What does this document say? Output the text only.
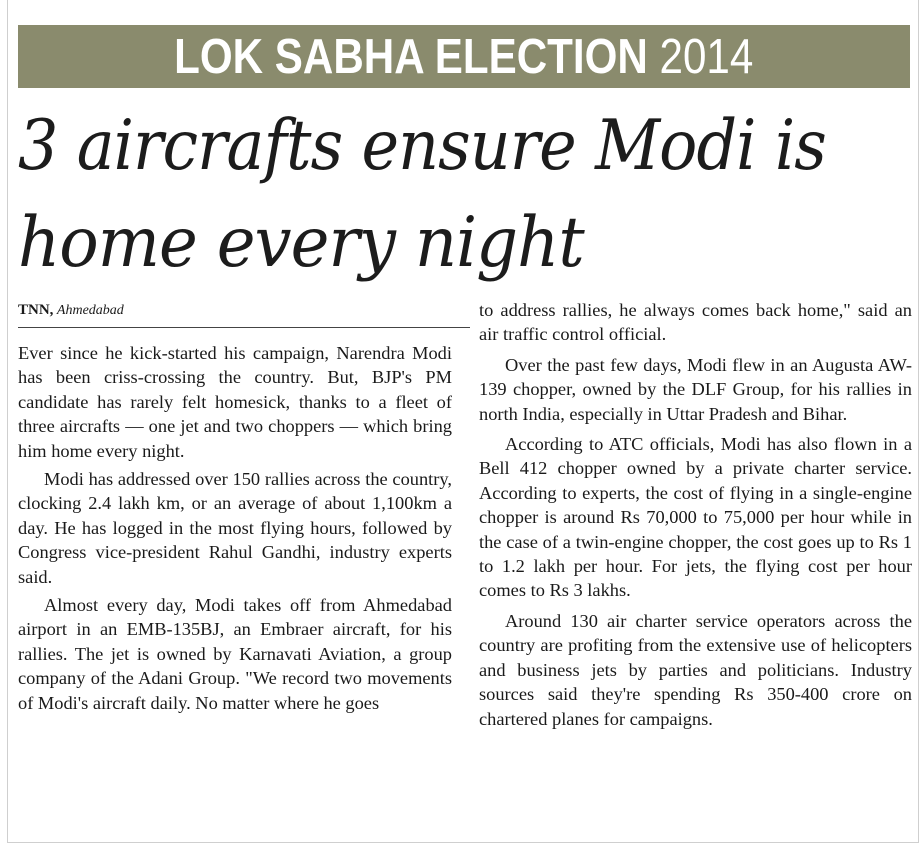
LOK SABHA ELECTION 2014
3 aircrafts ensure Modi is
home every night
TNN, Ahmedabad

Ever since he kick-started his campaign, Narendra Modi has been criss-crossing the country. But, BJP's PM candidate has rarely felt homesick, thanks to a fleet of three aircrafts — one jet and two choppers — which bring him home every night.

Modi has addressed over 150 rallies across the country, clocking 2.4 lakh km, or an average of about 1,100km a day. He has logged in the most flying hours, followed by Congress vice-president Rahul Gandhi, industry experts said.

Almost every day, Modi takes off from Ahmedabad airport in an EMB-135BJ, an Embraer aircraft, for his rallies. The jet is owned by Karnavati Aviation, a group company of the Adani Group. "We record two movements of Modi's aircraft daily. No matter where he goes

to address rallies, he always comes back home," said an air traffic control official.

Over the past few days, Modi flew in an Augusta AW-139 chopper, owned by the DLF Group, for his rallies in north India, especially in Uttar Pradesh and Bihar.

According to ATC officials, Modi has also flown in a Bell 412 chopper owned by a private charter service. According to experts, the cost of flying in a single-engine chopper is around Rs 70,000 to 75,000 per hour while in the case of a twin-engine chopper, the cost goes up to Rs 1 to 1.2 lakh per hour. For jets, the flying cost per hour comes to Rs 3 lakhs.

Around 130 air charter service operators across the country are profiting from the extensive use of helicopters and business jets by parties and politicians. Industry sources said they're spending Rs 350-400 crore on chartered planes for campaigns.
